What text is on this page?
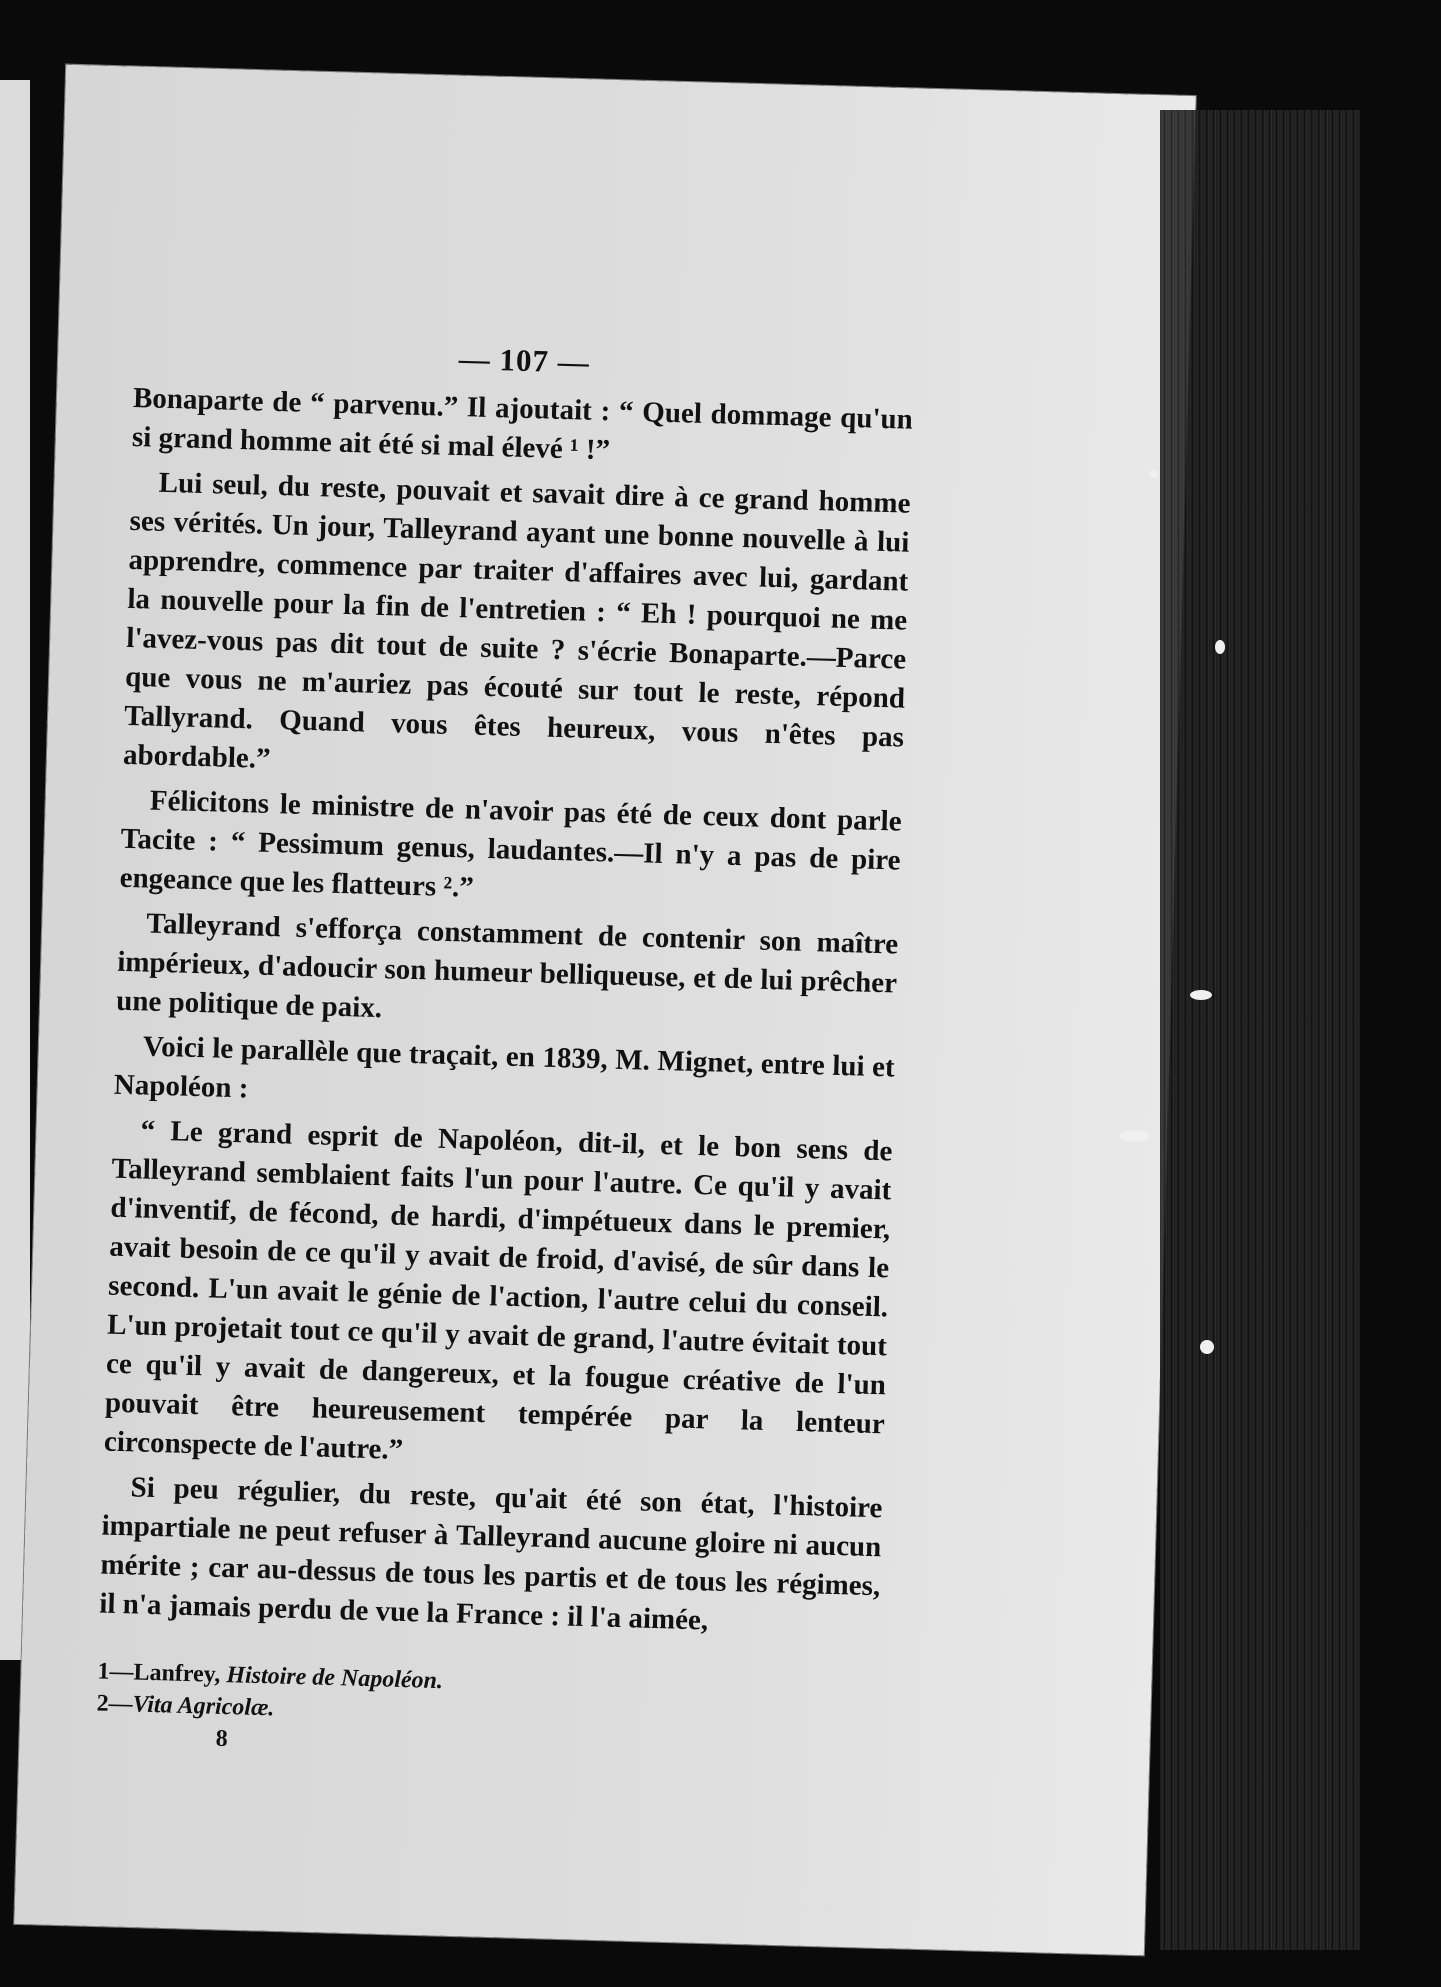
— 107 —

Bonaparte de “ parvenu.” Il ajoutait : “ Quel dommage qu'un si grand homme ait été si mal élevé ¹ !”

Lui seul, du reste, pouvait et savait dire à ce grand homme ses vérités. Un jour, Talleyrand ayant une bonne nouvelle à lui apprendre, commence par traiter d'affaires avec lui, gardant la nouvelle pour la fin de l'entretien : “ Eh ! pourquoi ne me l'avez-vous pas dit tout de suite ? s'écrie Bonaparte.—Parce que vous ne m'auriez pas écouté sur tout le reste, répond Tallyrand. Quand vous êtes heureux, vous n'êtes pas abordable.”

Félicitons le ministre de n'avoir pas été de ceux dont parle Tacite : “ Pessimum genus, laudantes.—Il n'y a pas de pire engeance que les flatteurs ².”

Talleyrand s'efforça constamment de contenir son maître impérieux, d'adoucir son humeur belliqueuse, et de lui prêcher une politique de paix.

Voici le parallèle que traçait, en 1839, M. Mignet, entre lui et Napoléon :

“ Le grand esprit de Napoléon, dit-il, et le bon sens de Talleyrand semblaient faits l'un pour l'autre. Ce qu'il y avait d'inventif, de fécond, de hardi, d'impétueux dans le premier, avait besoin de ce qu'il y avait de froid, d'avisé, de sûr dans le second. L'un avait le génie de l'action, l'autre celui du conseil. L'un projetait tout ce qu'il y avait de grand, l'autre évitait tout ce qu'il y avait de dangereux, et la fougue créative de l'un pouvait être heureusement tempérée par la lenteur circonspecte de l'autre.”

Si peu régulier, du reste, qu'ait été son état, l'histoire impartiale ne peut refuser à Talleyrand aucune gloire ni aucun mérite ; car au-dessus de tous les partis et de tous les régimes, il n'a jamais perdu de vue la France : il l'a aimée,

1—Lanfrey, Histoire de Napoléon.
2—Vita Agricolæ.
8
